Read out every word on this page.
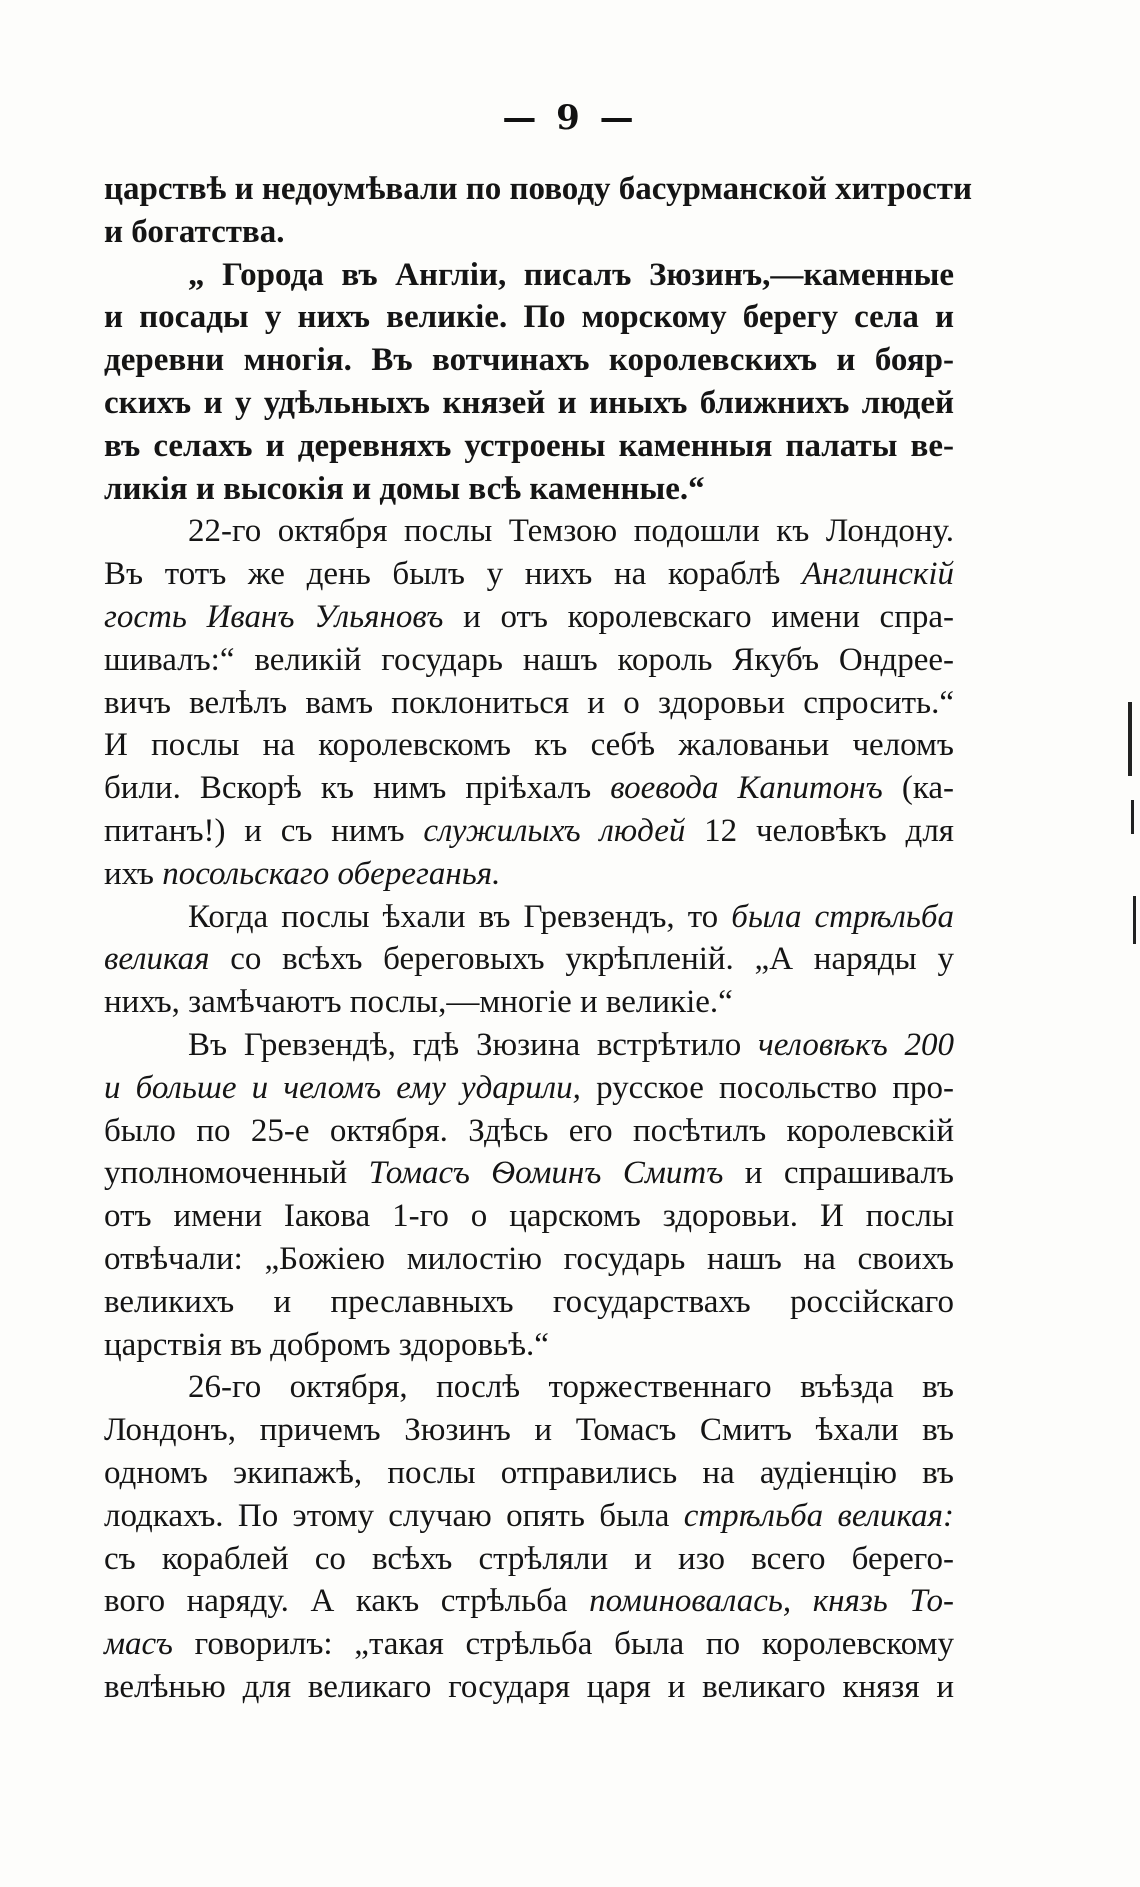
— 9 —
царствѣ и недоумѣвали по поводу басурманской хитрости
и богатства.
„ Города въ Англіи, писалъ Зюзинъ,—каменные
и посады у нихъ великіе. По морскому берегу села и
деревни многія. Въ вотчинахъ королевскихъ и бояр-
скихъ и у удѣльныхъ князей и иныхъ ближнихъ людей
въ селахъ и деревняхъ устроены каменныя палаты ве-
ликія и высокія и домы всѣ каменные.“
22-го октября послы Темзою подошли къ Лондону.
Въ тотъ же день былъ у нихъ на кораблѣ Англинскій
гость Иванъ Ульяновъ и отъ королевскаго имени спра-
шивалъ:“ великій государь нашъ король Якубъ Ондрее-
вичъ велѣлъ вамъ поклониться и о здоровьи спросить.“
И послы на королевскомъ къ себѣ жалованьи челомъ
били. Вскорѣ къ нимъ пріѣхалъ воевода Капитонъ (ка-
питанъ!) и съ нимъ служилыхъ людей 12 человѣкъ для
ихъ посольскаго обереганья.
Когда послы ѣхали въ Гревзендъ, то была стрѣльба
великая со всѣхъ береговыхъ укрѣпленій. „А наряды у
нихъ, замѣчаютъ послы,—многіе и великіе.“
Въ Гревзендѣ, гдѣ Зюзина встрѣтило человѣкъ 200
и больше и челомъ ему ударили, русское посольство про-
было по 25-е октября. Здѣсь его посѣтилъ королевскій
уполномоченный Томасъ Ѳоминъ Смитъ и спрашивалъ
отъ имени Іакова 1-го о царскомъ здоровьи. И послы
отвѣчали: „Божіею милостію государь нашъ на своихъ
великихъ и преславныхъ государствахъ россійскаго
царствія въ добромъ здоровьѣ.“
26-го октября, послѣ торжественнаго въѣзда въ
Лондонъ, причемъ Зюзинъ и Томасъ Смитъ ѣхали въ
одномъ экипажѣ, послы отправились на аудіенцію въ
лодкахъ. По этому случаю опять была стрѣльба великая:
съ кораблей со всѣхъ стрѣляли и изо всего берего-
вого наряду. А какъ стрѣльба поминовалась, князь То-
масъ говорилъ: „такая стрѣльба была по королевскому
велѣнью для великаго государя царя и великаго князя и
